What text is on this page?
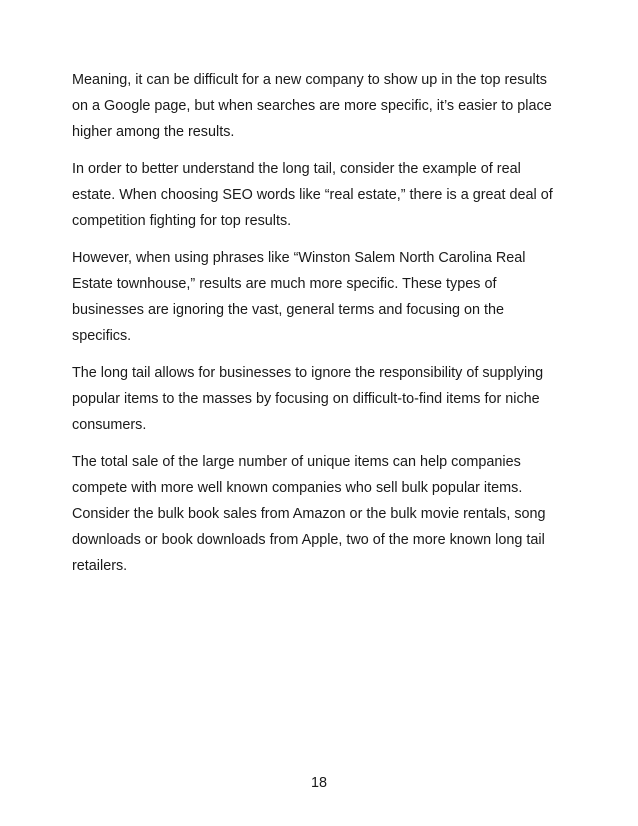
Meaning, it can be difficult for a new company to show up in the top results
on a Google page, but when searches are more specific, it’s easier to place
higher among the results.

In order to better understand the long tail, consider the example of real
estate. When choosing SEO words like “real estate,” there is a great deal of
competition fighting for top results.

However, when using phrases like “Winston Salem North Carolina Real
Estate townhouse,” results are much more specific. These types of
businesses are ignoring the vast, general terms and focusing on the
specifics.

The long tail allows for businesses to ignore the responsibility of supplying
popular items to the masses by focusing on difficult-to-find items for niche
consumers.

The total sale of the large number of unique items can help companies
compete with more well known companies who sell bulk popular items.
Consider the bulk book sales from Amazon or the bulk movie rentals, song
downloads or book downloads from Apple, two of the more known long tail
retailers.

18
